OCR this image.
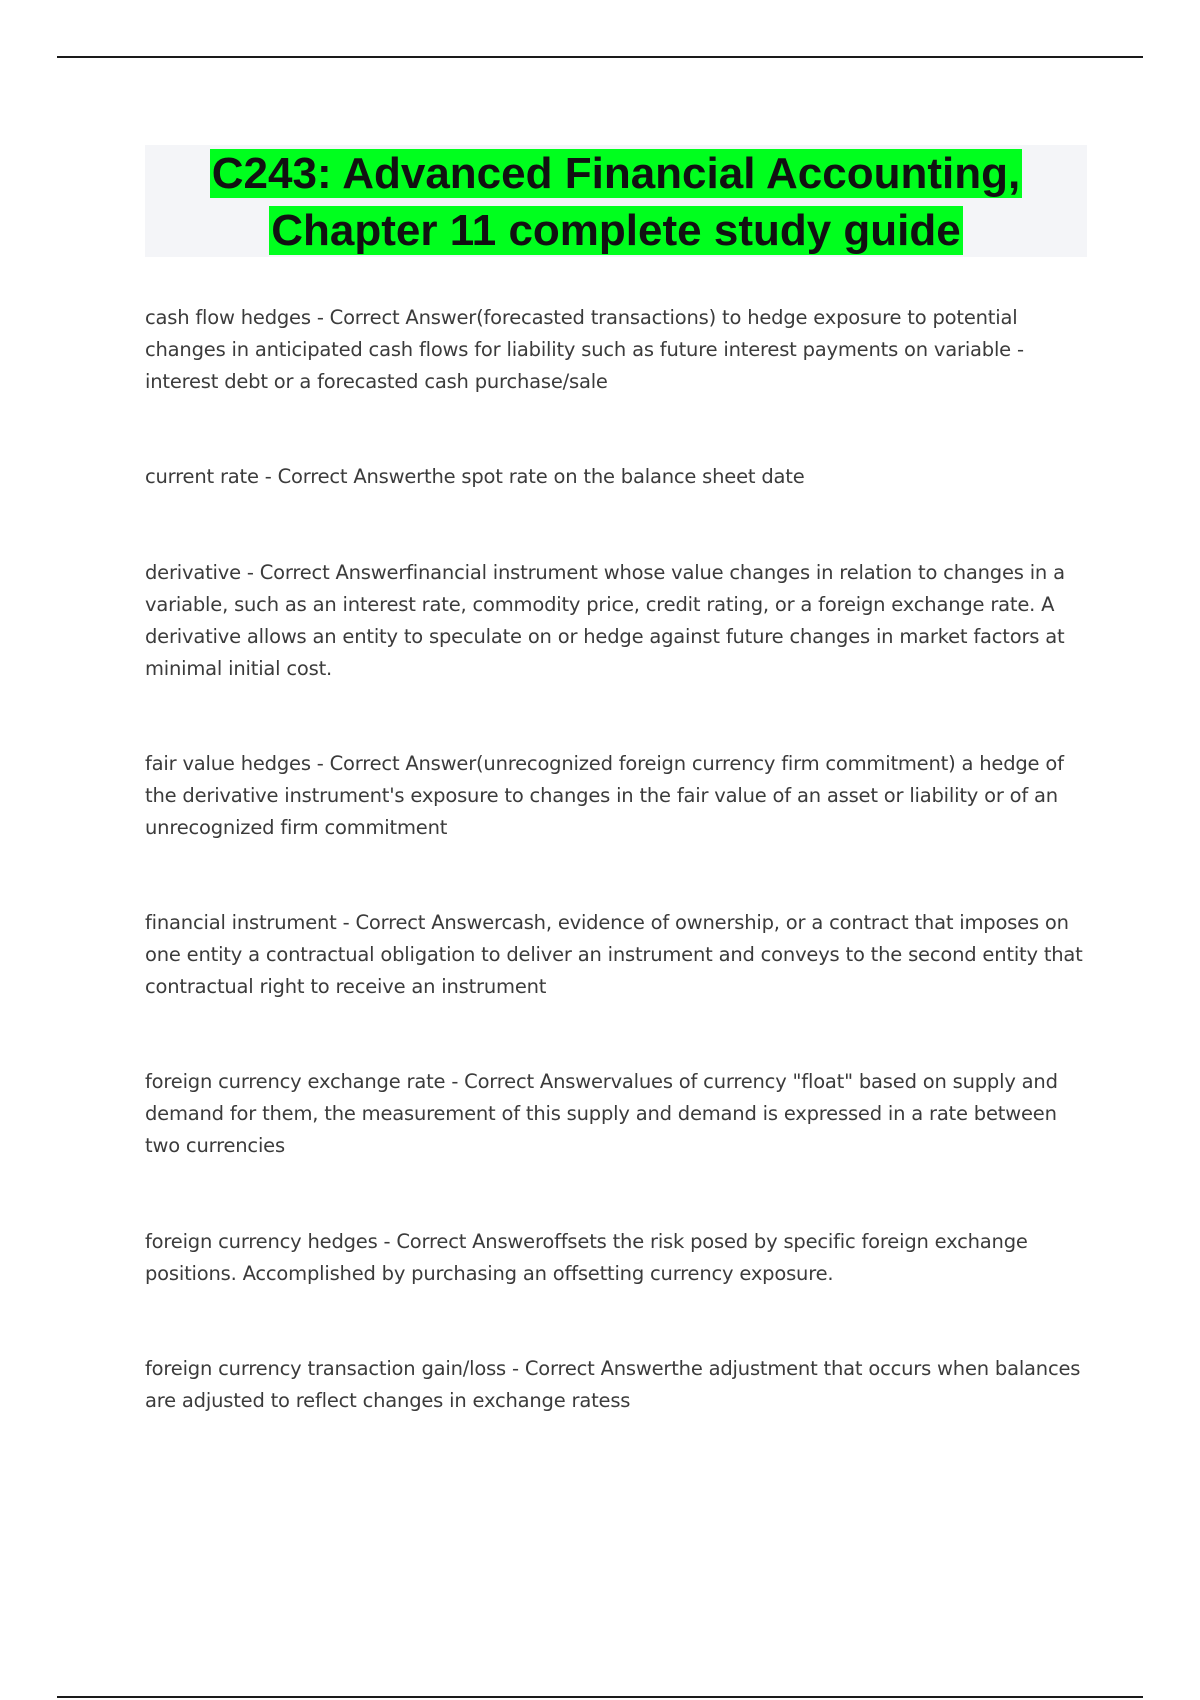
C243: Advanced Financial Accounting,
Chapter 11 complete study guide

cash flow hedges - Correct Answer(forecasted transactions) to hedge exposure to potential changes in anticipated cash flows for liability such as future interest payments on variable -interest debt or a forecasted cash purchase/sale

current rate - Correct Answerthe spot rate on the balance sheet date

derivative - Correct Answerfinancial instrument whose value changes in relation to changes in a variable, such as an interest rate, commodity price, credit rating, or a foreign exchange rate. A derivative allows an entity to speculate on or hedge against future changes in market factors at minimal initial cost.

fair value hedges - Correct Answer(unrecognized foreign currency firm commitment) a hedge of the derivative instrument's exposure to changes in the fair value of an asset or liability or of an unrecognized firm commitment

financial instrument - Correct Answercash, evidence of ownership, or a contract that imposes on one entity a contractual obligation to deliver an instrument and conveys to the second entity that contractual right to receive an instrument

foreign currency exchange rate - Correct Answervalues of currency "float" based on supply and demand for them, the measurement of this supply and demand is expressed in a rate between two currencies

foreign currency hedges - Correct Answeroffsets the risk posed by specific foreign exchange positions. Accomplished by purchasing an offsetting currency exposure.

foreign currency transaction gain/loss - Correct Answerthe adjustment that occurs when balances are adjusted to reflect changes in exchange ratess
